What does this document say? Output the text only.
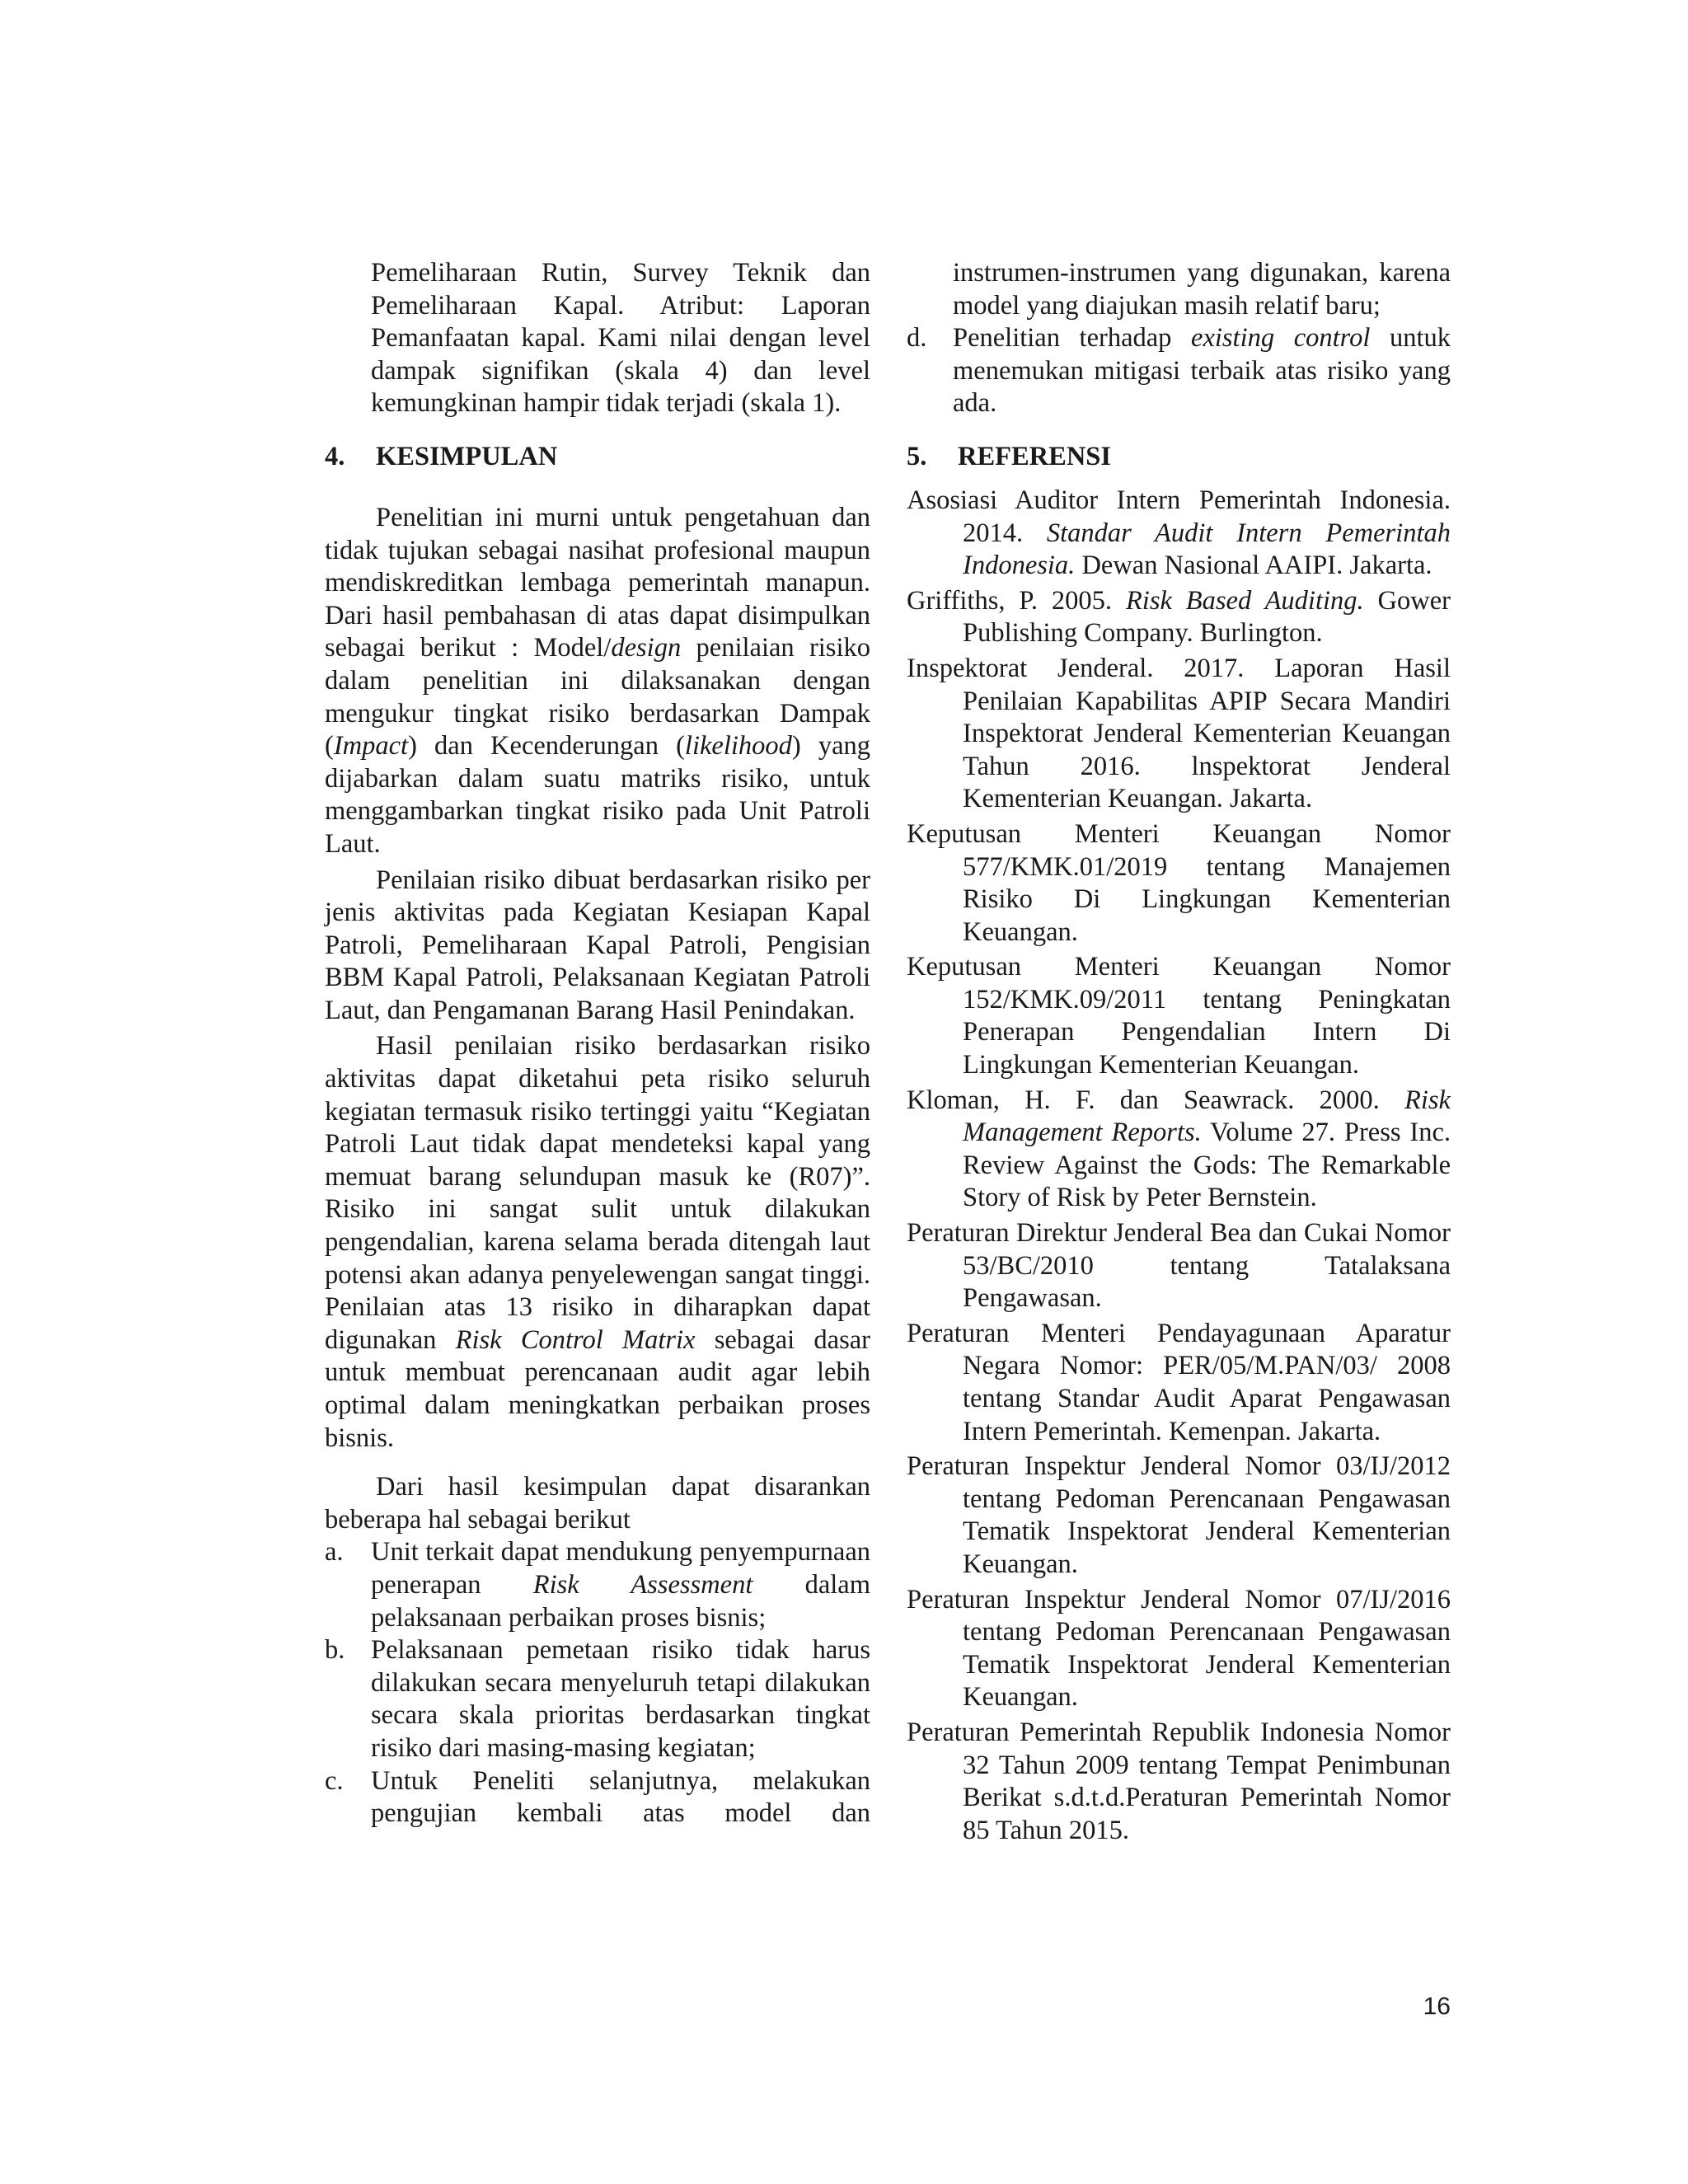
Pemeliharaan Rutin, Survey Teknik dan Pemeliharaan Kapal. Atribut: Laporan Pemanfaatan kapal. Kami nilai dengan level dampak signifikan (skala 4) dan level kemungkinan hampir tidak terjadi (skala 1).

4.	KESIMPULAN

Penelitian ini murni untuk pengetahuan dan tidak tujukan sebagai nasihat profesional maupun mendiskreditkan lembaga pemerintah manapun. Dari hasil pembahasan di atas dapat disimpulkan sebagai berikut : Model/design penilaian risiko dalam penelitian ini dilaksanakan dengan mengukur tingkat risiko berdasarkan Dampak (Impact) dan Kecenderungan (likelihood) yang dijabarkan dalam suatu matriks risiko, untuk menggambarkan tingkat risiko pada Unit Patroli Laut.

Penilaian risiko dibuat berdasarkan risiko per jenis aktivitas pada Kegiatan Kesiapan Kapal Patroli, Pemeliharaan Kapal Patroli, Pengisian BBM Kapal Patroli, Pelaksanaan Kegiatan Patroli Laut, dan Pengamanan Barang Hasil Penindakan.

Hasil penilaian risiko berdasarkan risiko aktivitas dapat diketahui peta risiko seluruh kegiatan termasuk risiko tertinggi yaitu “Kegiatan Patroli Laut tidak dapat mendeteksi kapal yang memuat barang selundupan masuk ke (R07)”. Risiko ini sangat sulit untuk dilakukan pengendalian, karena selama berada ditengah laut potensi akan adanya penyelewengan sangat tinggi. Penilaian atas 13 risiko in diharapkan dapat digunakan Risk Control Matrix sebagai dasar untuk membuat perencanaan audit agar lebih optimal dalam meningkatkan perbaikan proses bisnis.

Dari hasil kesimpulan dapat disarankan beberapa hal sebagai berikut

a.	Unit terkait dapat mendukung penyempurnaan penerapan Risk Assessment dalam pelaksanaan perbaikan proses bisnis;
b. Pelaksanaan pemetaan risiko tidak harus dilakukan secara menyeluruh tetapi dilakukan secara skala prioritas berdasarkan tingkat risiko dari masing-masing kegiatan;
c.	Untuk Peneliti selanjutnya, melakukan pengujian kembali atas model dan

instrumen-instrumen yang digunakan, karena model yang diajukan masih relatif baru;

d. Penelitian terhadap existing control untuk menemukan mitigasi terbaik atas risiko yang ada.
5.	REFERENSI

Asosiasi Auditor Intern Pemerintah Indonesia. 2014. Standar Audit Intern Pemerintah Indonesia. Dewan Nasional AAIPI. Jakarta.

Griffiths, P. 2005. Risk Based Auditing. Gower Publishing Company. Burlington.

Inspektorat Jenderal. 2017. Laporan Hasil Penilaian Kapabilitas APIP Secara Mandiri Inspektorat Jenderal Kementerian Keuangan Tahun 2016. lnspektorat Jenderal Kementerian Keuangan. Jakarta.

Keputusan Menteri Keuangan Nomor 577/KMK.01/2019 tentang Manajemen Risiko Di Lingkungan Kementerian Keuangan.

Keputusan Menteri Keuangan Nomor 152/KMK.09/2011 tentang Peningkatan Penerapan Pengendalian Intern Di Lingkungan Kementerian Keuangan.

Kloman, H. F. dan Seawrack. 2000. Risk Management Reports. Volume 27. Press Inc. Review Against the Gods: The Remarkable Story of Risk by Peter Bernstein.

Peraturan Direktur Jenderal Bea dan Cukai Nomor 53/BC/2010 tentang Tatalaksana Pengawasan.

Peraturan Menteri Pendayagunaan Aparatur Negara Nomor: PER/05/M.PAN/03/ 2008 tentang Standar Audit Aparat Pengawasan Intern Pemerintah. Kemenpan. Jakarta.

Peraturan Inspektur Jenderal Nomor 03/IJ/2012 tentang Pedoman Perencanaan Pengawasan Tematik Inspektorat Jenderal Kementerian Keuangan.

Peraturan Inspektur Jenderal Nomor 07/IJ/2016 tentang Pedoman Perencanaan Pengawasan Tematik Inspektorat Jenderal Kementerian Keuangan.

Peraturan Pemerintah Republik Indonesia Nomor 32 Tahun 2009 tentang Tempat Penimbunan Berikat s.d.t.d.Peraturan Pemerintah Nomor 85 Tahun 2015.

16
